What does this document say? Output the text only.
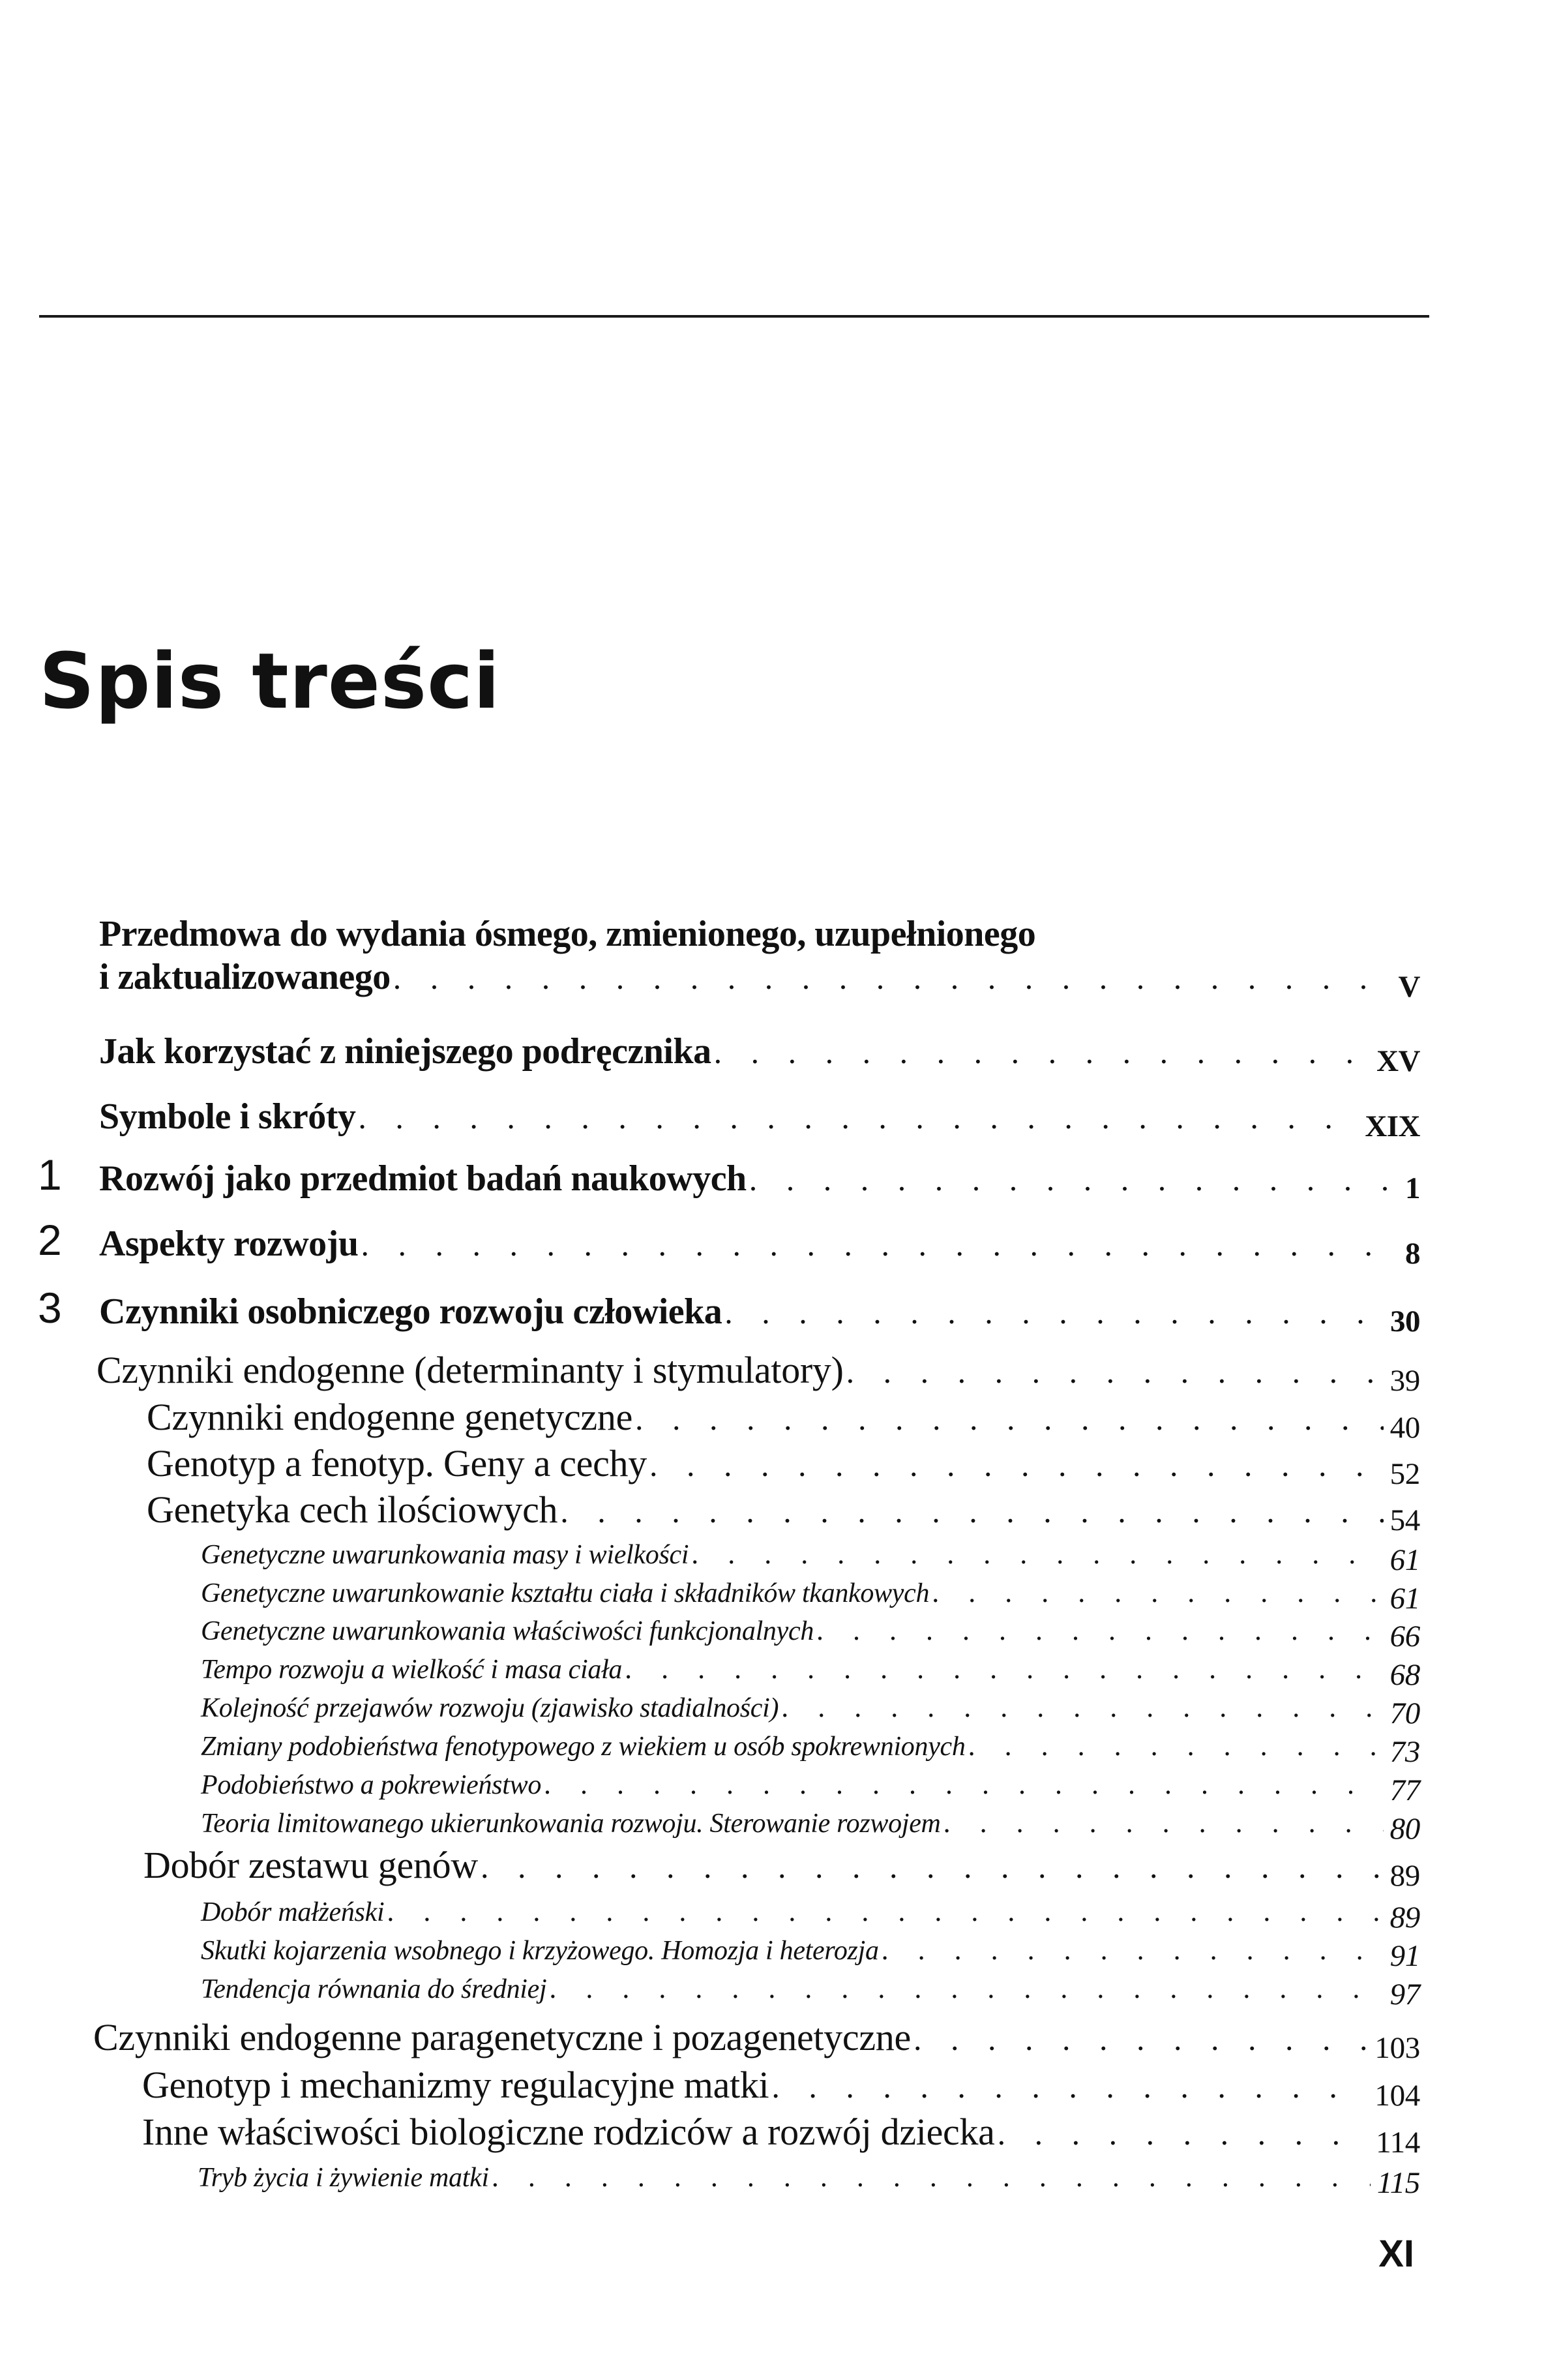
Spis treści
Przedmowa do wydania ósmego, zmienionego, uzupełnionego
i zaktualizowanego . . .	V
Jak korzystać z niniejszego podręcznika . . .	XV
Symbole i skróty . . .	XIX
1 Rozwój jako przedmiot badań naukowych . . .	1
2 Aspekty rozwoju . . .	8
3 Czynniki osobniczego rozwoju człowieka . . .	30
Czynniki endogenne (determinanty i stymulatory) . . .	39
Czynniki endogenne genetyczne . . .	40
Genotyp a fenotyp. Geny a cechy . . .	52
Genetyka cech ilościowych . . .	54
Genetyczne uwarunkowania masy i wielkości . . .	61
Genetyczne uwarunkowanie kształtu ciała i składników tkankowych . . .	61
Genetyczne uwarunkowania właściwości funkcjonalnych . . .	66
Tempo rozwoju a wielkość i masa ciała . . .	68
Kolejność przejawów rozwoju (zjawisko stadialności) . . .	70
Zmiany podobieństwa fenotypowego z wiekiem u osób spokrewnionych . . .	73
Podobieństwo a pokrewieństwo . . .	77
Teoria limitowanego ukierunkowania rozwoju. Sterowanie rozwojem . . .	80
Dobór zestawu genów . . .	89
Dobór małżeński . . .	89
Skutki kojarzenia wsobnego i krzyżowego. Homozja i heterozja . . .	91
Tendencja równania do średniej . . .	97
Czynniki endogenne paragenetyczne i pozagenetyczne . . .	103
Genotyp i mechanizmy regulacyjne matki . . .	104
Inne właściwości biologiczne rodziców a rozwój dziecka . . .	114
Tryb życia i żywienie matki . . .	115
XI
